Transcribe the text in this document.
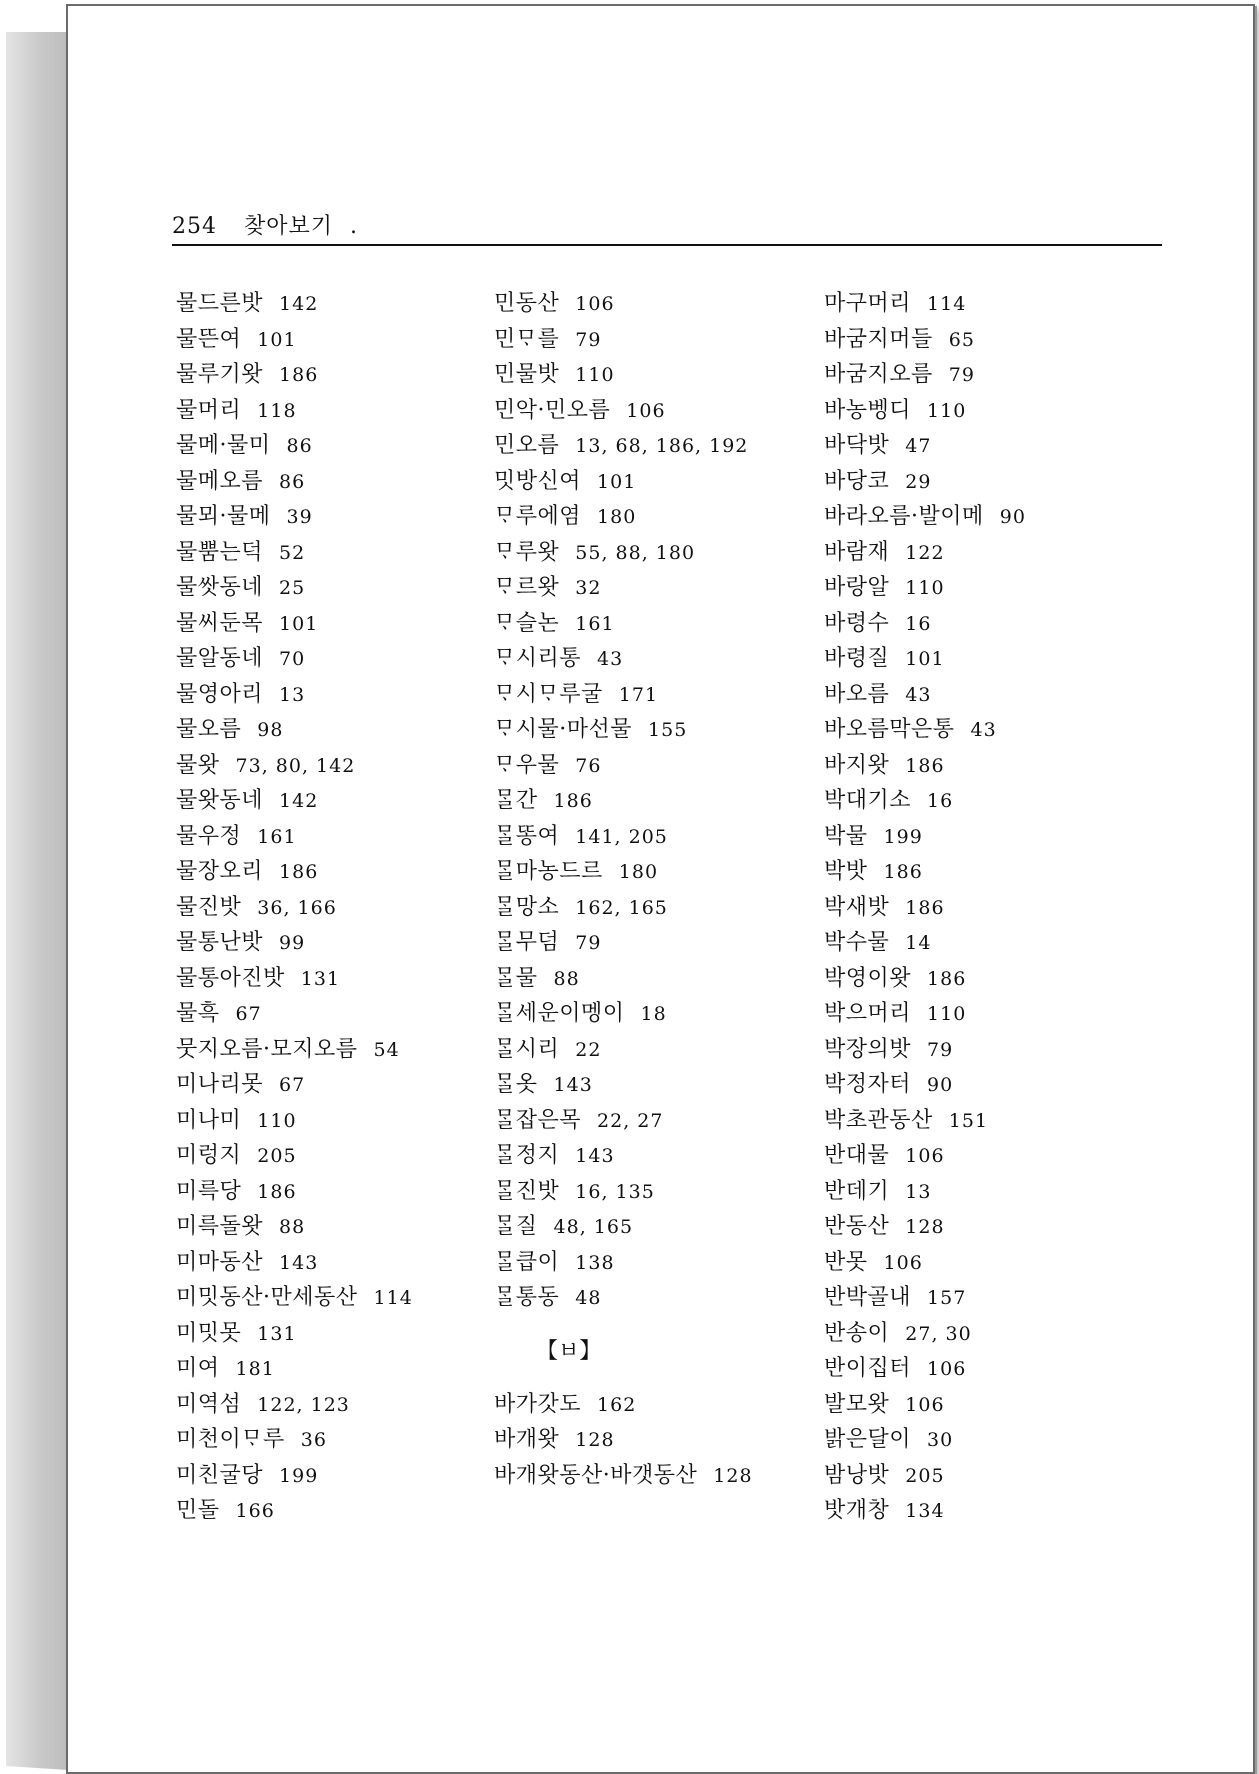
254 찾아보기 .
물드른밧 142
물뜬여 101
물루기왓 186
물머리 118
물메·물미 86
물메오름 86
물뫼·물메 39
물뿜는덕 52
물쌋동네 25
물씨둔목 101
물알동네 70
물영아리 13
물오름 98
물왓 73, 80, 142
물왓동네 142
물우정 161
물장오리 186
물진밧 36, 166
물통난밧 99
물통아진밧 131
물흑 67
뭇지오름·모지오름 54
미나리못 67
미나미 110
미렁지 205
미륵당 186
미륵돌왓 88
미마동산 143
미밋동산·만세동산 114
미밋못 131
미여 181
미역섬 122, 123
미천이ᄆᆞ루 36
미친굴당 199
민돌 166
민동산 106
민ᄆᆞ를 79
민물밧 110
민악·민오름 106
민오름 13, 68, 186, 192
밋방신여 101
ᄆᆞ루에염 180
ᄆᆞ루왓 55, 88, 180
ᄆᆞ르왓 32
ᄆᆞ슬논 161
ᄆᆞ시리통 43
ᄆᆞ시ᄆᆞ루굴 171
ᄆᆞ시물·마선물 155
ᄆᆞ우물 76
ᄆᆞᆯ간 186
ᄆᆞᆯ똥여 141, 205
ᄆᆞᆯ마농드르 180
ᄆᆞᆯ망소 162, 165
ᄆᆞᆯ무덤 79
ᄆᆞᆯ물 88
ᄆᆞᆯ세운이멩이 18
ᄆᆞᆯ시리 22
ᄆᆞᆯ옷 143
ᄆᆞᆯ잡은목 22, 27
ᄆᆞᆯ정지 143
ᄆᆞᆯ진밧 16, 135
ᄆᆞᆯ질 48, 165
ᄆᆞᆯ큽이 138
ᄆᆞᆯ통동 48
【ㅂ】
바가갓도 162
바개왓 128
바개왓동산·바갯동산 128
마구머리 114
바굼지머들 65
바굼지오름 79
바농벵디 110
바닥밧 47
바당코 29
바라오름·발이메 90
바람재 122
바랑알 110
바령수 16
바령질 101
바오름 43
바오름막은통 43
바지왓 186
박대기소 16
박물 199
박밧 186
박새밧 186
박수물 14
박영이왓 186
박으머리 110
박장의밧 79
박정자터 90
박초관동산 151
반대물 106
반데기 13
반동산 128
반못 106
반박골내 157
반송이 27, 30
반이집터 106
발모왓 106
밝은달이 30
밤낭밧 205
밧개창 134
